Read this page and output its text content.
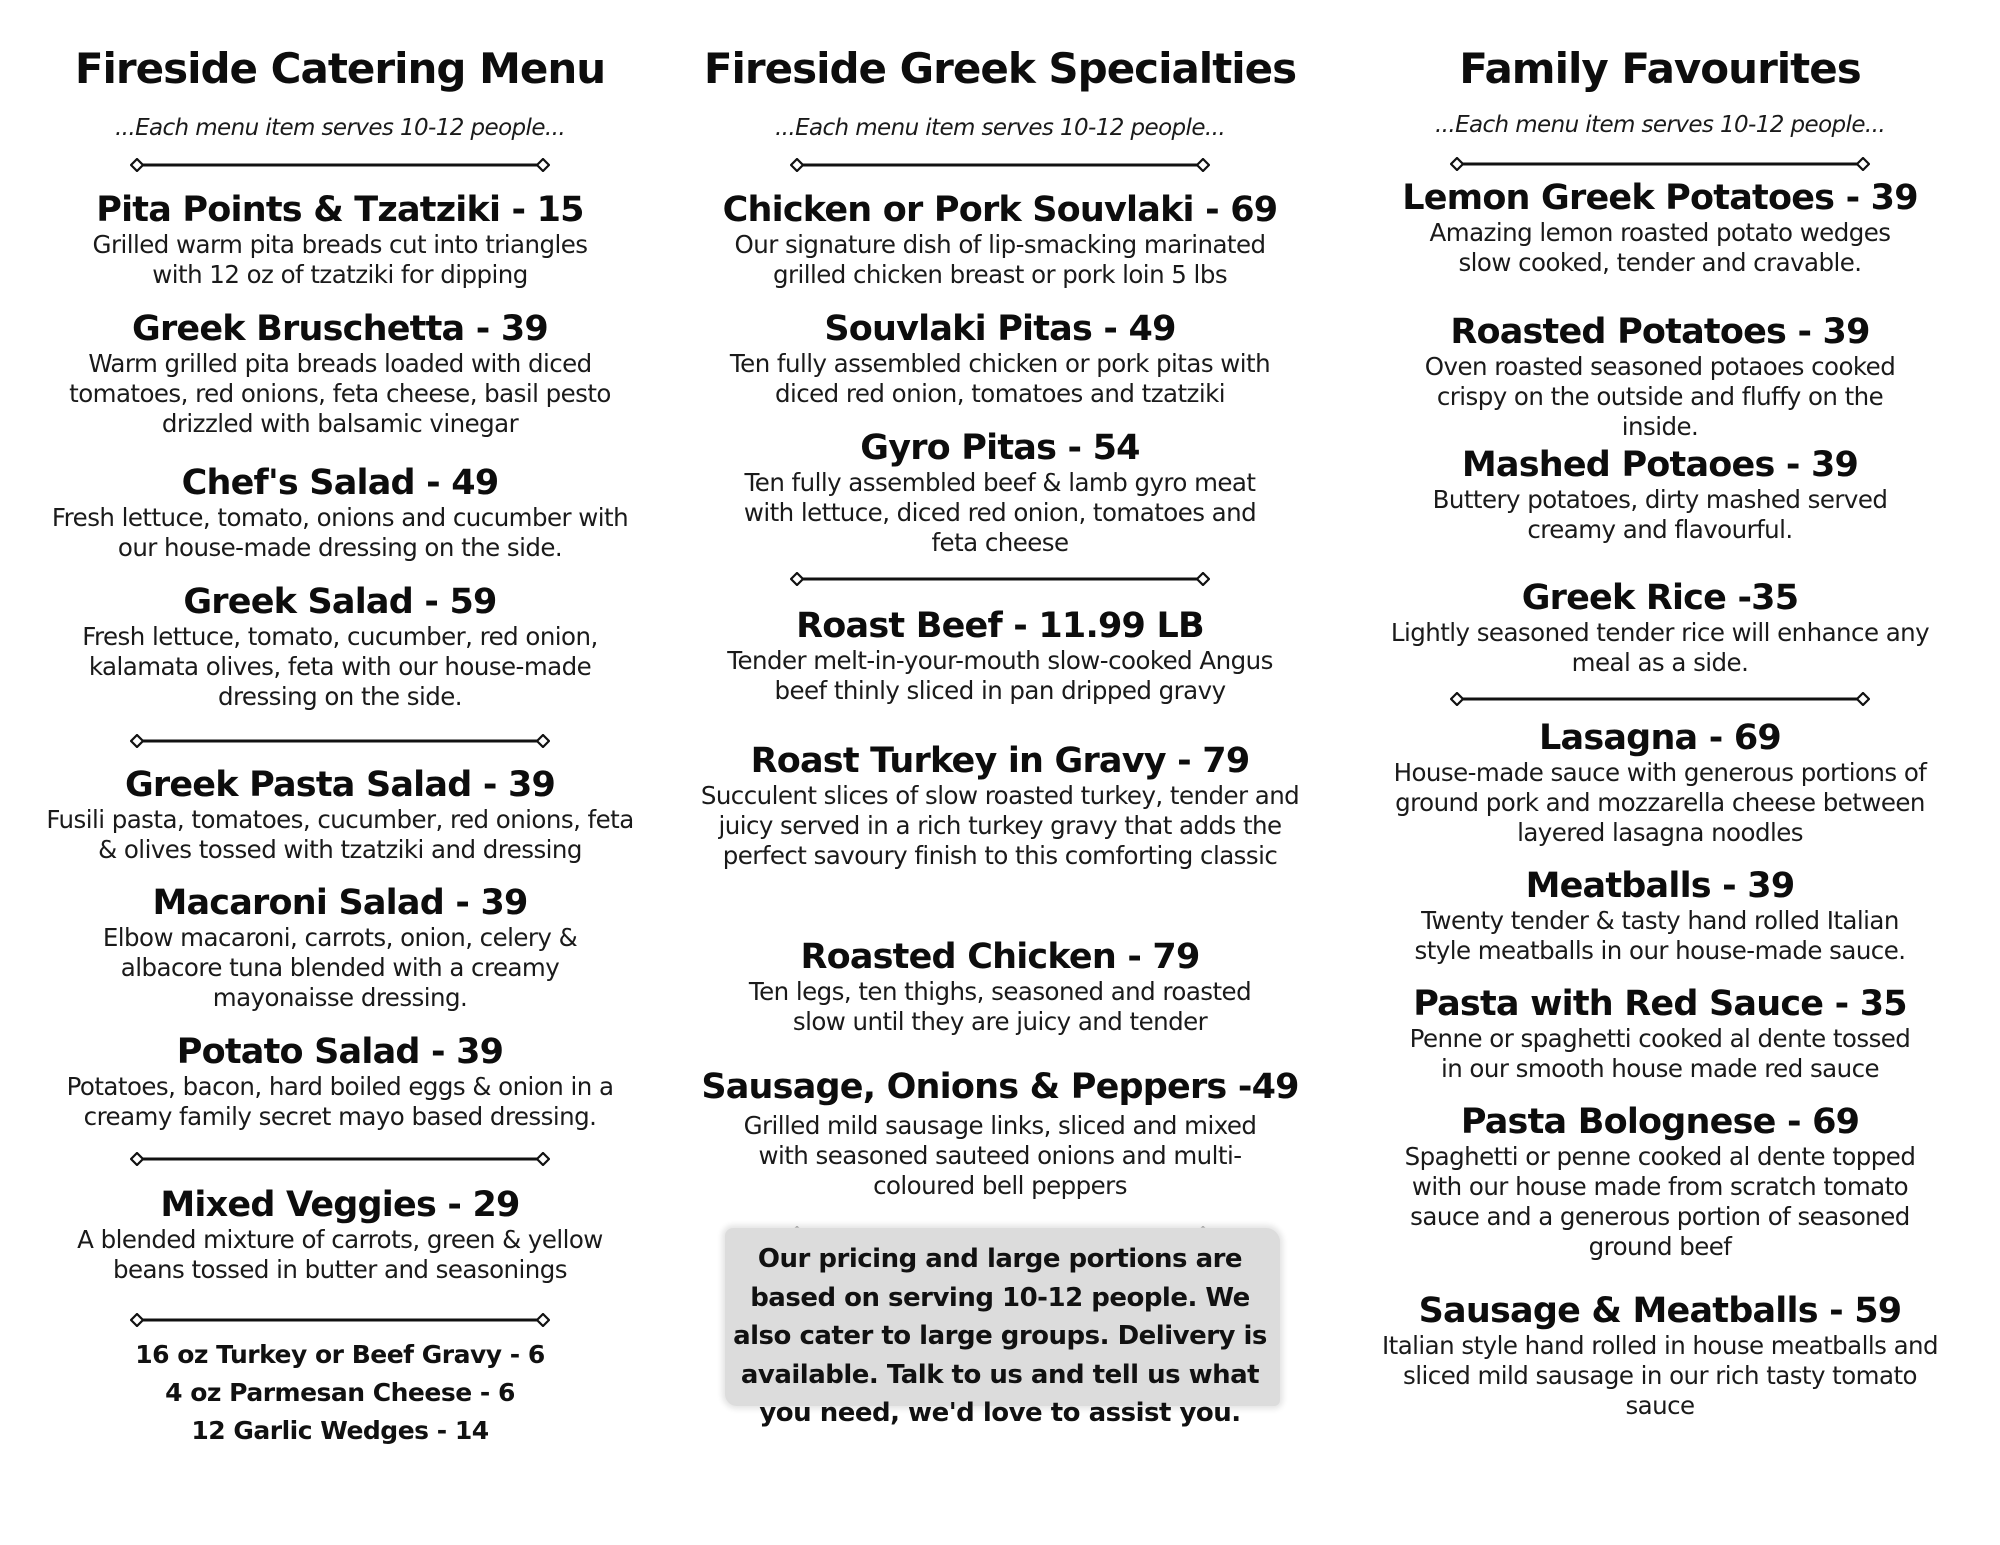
Fireside Catering Menu
...Each menu item serves 10-12 people...
Pita Points & Tzatziki - 15
Grilled warm pita breads cut into triangles with 12 oz of tzatziki for dipping
Greek Bruschetta - 39
Warm grilled pita breads loaded with diced tomatoes, red onions, feta cheese, basil pesto drizzled with balsamic vinegar
Chef's Salad - 49
Fresh lettuce, tomato, onions and cucumber with our house-made dressing on the side.
Greek Salad - 59
Fresh lettuce, tomato, cucumber, red onion, kalamata olives, feta with our house-made dressing on the side.
Greek Pasta Salad - 39
Fusili pasta, tomatoes, cucumber, red onions, feta & olives tossed with tzatziki and dressing
Macaroni Salad - 39
Elbow macaroni, carrots, onion, celery & albacore tuna blended with a creamy mayonaisse dressing.
Potato Salad - 39
Potatoes, bacon, hard boiled eggs & onion in a creamy family secret mayo based dressing.
Mixed Veggies - 29
A blended mixture of carrots, green & yellow beans tossed in butter and seasonings
16 oz Turkey or Beef Gravy - 6
4 oz Parmesan Cheese - 6
12 Garlic Wedges - 14
Fireside Greek Specialties
...Each menu item serves 10-12 people...
Chicken or Pork Souvlaki - 69
Our signature dish of lip-smacking marinated grilled chicken breast or pork loin 5 lbs
Souvlaki Pitas - 49
Ten fully assembled chicken or pork pitas with diced red onion, tomatoes and tzatziki
Gyro Pitas - 54
Ten fully assembled beef & lamb gyro meat with lettuce, diced red onion, tomatoes and feta cheese
Roast Beef - 11.99 LB
Tender melt-in-your-mouth slow-cooked Angus beef thinly sliced in pan dripped gravy
Roast Turkey in Gravy - 79
Succulent slices of slow roasted turkey, tender and juicy served in a rich turkey gravy that adds the perfect savoury finish to this comforting classic
Roasted Chicken - 79
Ten legs, ten thighs, seasoned and roasted slow until they are juicy and tender
Sausage, Onions & Peppers -49
Grilled mild sausage links, sliced and mixed with seasoned sauteed onions and multi-coloured bell peppers
Our pricing and large portions are based on serving 10-12 people. We also cater to large groups. Delivery is available. Talk to us and tell us what you need, we'd love to assist you.
Family Favourites
...Each menu item serves 10-12 people...
Lemon Greek Potatoes - 39
Amazing lemon roasted potato wedges slow cooked, tender and cravable.
Roasted Potatoes - 39
Oven roasted seasoned potaoes cooked crispy on the outside and fluffy on the inside.
Mashed Potaoes - 39
Buttery potatoes, dirty mashed served creamy and flavourful.
Greek Rice -35
Lightly seasoned tender rice will enhance any meal as a side.
Lasagna - 69
House-made sauce with generous portions of ground pork and mozzarella cheese between layered lasagna noodles
Meatballs - 39
Twenty tender & tasty hand rolled Italian style meatballs in our house-made sauce.
Pasta with Red Sauce - 35
Penne or spaghetti cooked al dente tossed in our smooth house made red sauce
Pasta Bolognese - 69
Spaghetti or penne cooked al dente topped with our house made from scratch tomato sauce and a generous portion of seasoned ground beef
Sausage & Meatballs - 59
Italian style hand rolled in house meatballs and sliced mild sausage in our rich tasty tomato sauce
